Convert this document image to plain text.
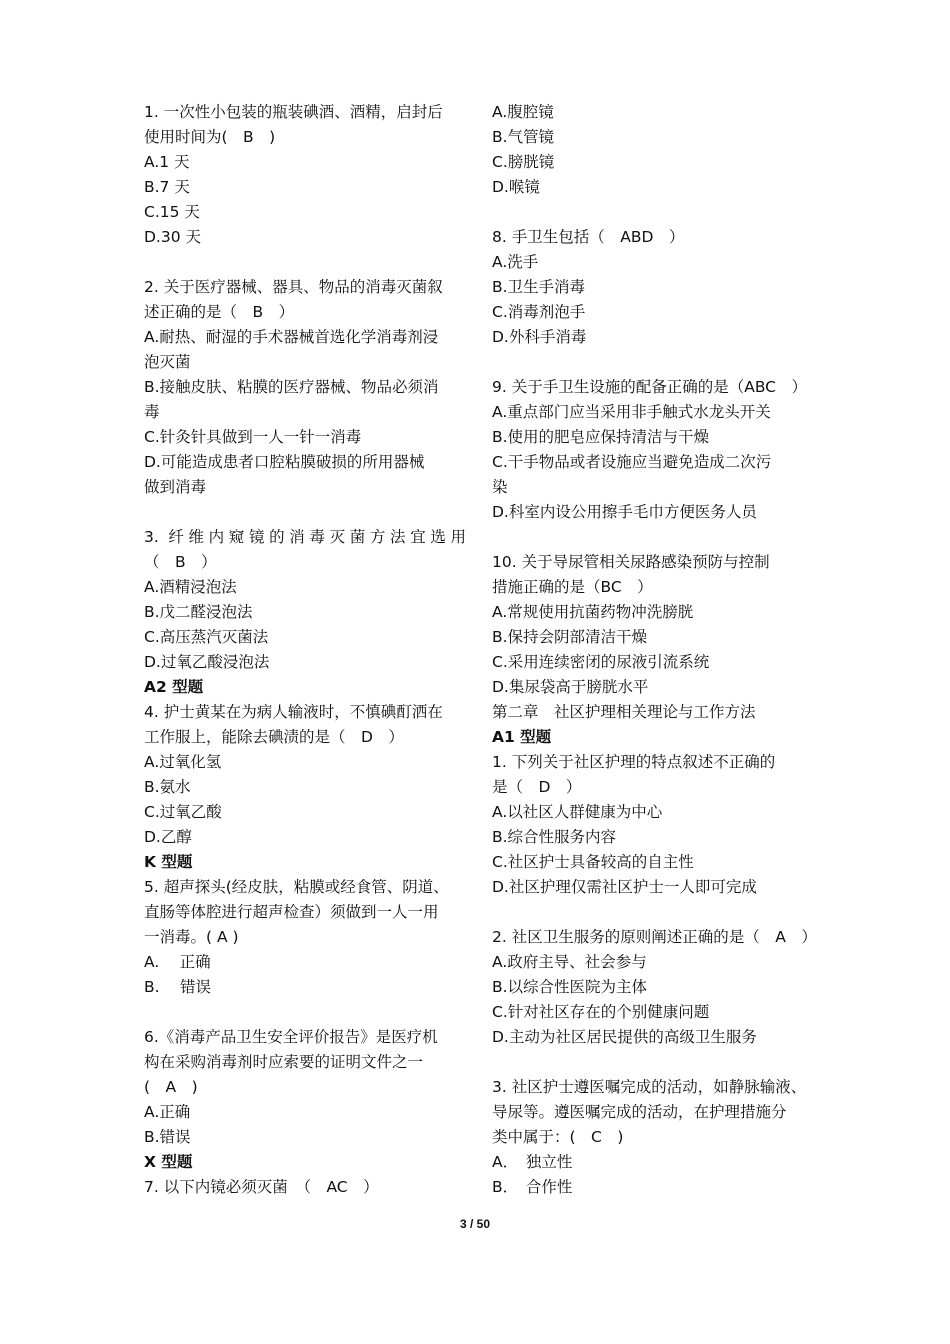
1. 一次性小包装的瓶装碘酒、酒精，启封后
使用时间为(　B　)
A.1 天
B.7 天
C.15 天
D.30 天
2. 关于医疗器械、器具、物品的消毒灭菌叙
述正确的是（　B　）
A.耐热、耐湿的手术器械首选化学消毒剂浸
泡灭菌
B.接触皮肤、粘膜的医疗器械、物品必须消
毒
C.针灸针具做到一人一针一消毒
D.可能造成患者口腔粘膜破损的所用器械
做到消毒
3. 纤维内窥镜的消毒灭菌方法宜选用
（　B　）
A.酒精浸泡法
B.戊二醛浸泡法
C.高压蒸汽灭菌法
D.过氧乙酸浸泡法
A2 型题
4. 护士黄某在为病人输液时，不慎碘酊洒在
工作服上，能除去碘渍的是（　D　）
A.过氧化氢
B.氨水
C.过氧乙酸
D.乙醇
K 型题
5. 超声探头(经皮肤，粘膜或经食管、阴道、
直肠等体腔进行超声检查）须做到一人一用
一消毒。( A )
A.　 正确
B.　 错误
6.《消毒产品卫生安全评价报告》是医疗机
构在采购消毒剂时应索要的证明文件之一
(　A　)
A.正确
B.错误
X 型题
7. 以下内镜必须灭菌　（　AC　）
A.腹腔镜
B.气管镜
C.膀胱镜
D.喉镜
8. 手卫生包括（　ABD　）
A.洗手
B.卫生手消毒
C.消毒剂泡手
D.外科手消毒
9. 关于手卫生设施的配备正确的是（ABC　）
A.重点部门应当采用非手触式水龙头开关
B.使用的肥皂应保持清洁与干燥
C.干手物品或者设施应当避免造成二次污
染
D.科室内设公用擦手毛巾方便医务人员
10. 关于导尿管相关尿路感染预防与控制
措施正确的是（BC　）
A.常规使用抗菌药物冲洗膀胱
B.保持会阴部清洁干燥
C.采用连续密闭的尿液引流系统
D.集尿袋高于膀胱水平
第二章　社区护理相关理论与工作方法
A1 型题
1. 下列关于社区护理的特点叙述不正确的
是（　D　）
A.以社区人群健康为中心
B.综合性服务内容
C.社区护士具备较高的自主性
D.社区护理仅需社区护士一人即可完成
2. 社区卫生服务的原则阐述正确的是（　A　）
A.政府主导、社会参与
B.以综合性医院为主体
C.针对社区存在的个别健康问题
D.主动为社区居民提供的高级卫生服务
3. 社区护士遵医嘱完成的活动，如静脉输液、
导尿等。遵医嘱完成的活动，在护理措施分
类中属于：(　C　)
A．　独立性
B．　合作性
3 / 50
